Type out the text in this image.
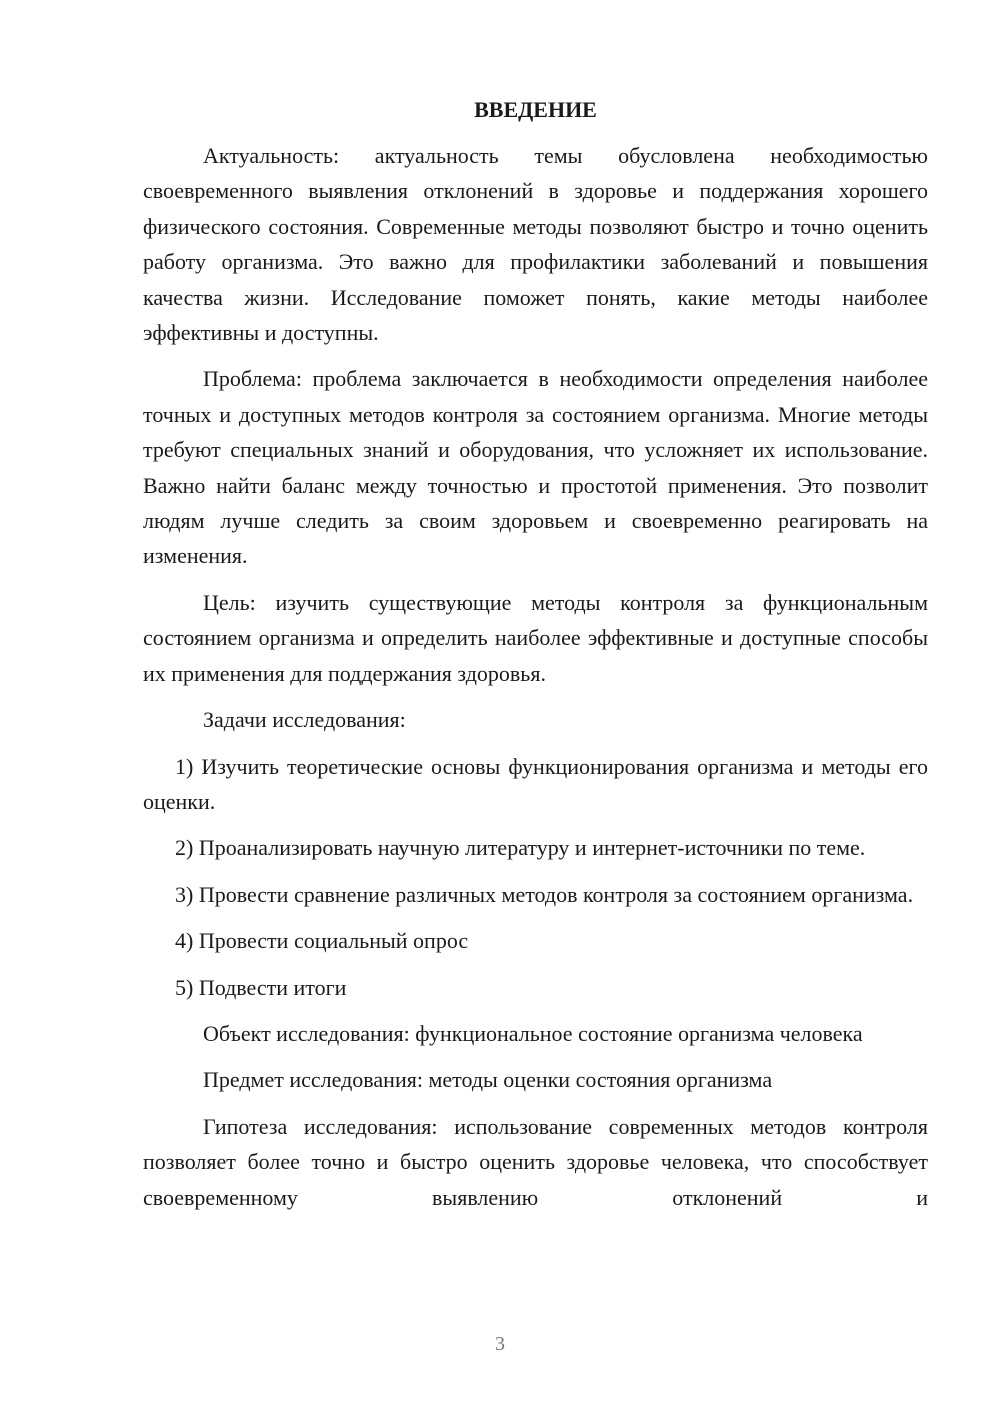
ВВЕДЕНИЕ

Актуальность: актуальность темы обусловлена необходимостью своевременного выявления отклонений в здоровье и поддержания хорошего физического состояния. Современные методы позволяют быстро и точно оценить работу организма. Это важно для профилактики заболеваний и повышения качества жизни. Исследование поможет понять, какие методы наиболее эффективны и доступны.

Проблема: проблема заключается в необходимости определения наиболее точных и доступных методов контроля за состоянием организма. Многие методы требуют специальных знаний и оборудования, что усложняет их использование. Важно найти баланс между точностью и простотой применения. Это позволит людям лучше следить за своим здоровьем и своевременно реагировать на изменения.

Цель: изучить существующие методы контроля за функциональным состоянием организма и определить наиболее эффективные и доступные способы их применения для поддержания здоровья.

Задачи исследования:

1) Изучить теоретические основы функционирования организма и методы его оценки.

2) Проанализировать научную литературу и интернет-источники по теме.

3) Провести сравнение различных методов контроля за состоянием организма.

4) Провести социальный опрос

5) Подвести итоги

Объект исследования: функциональное состояние организма человека

Предмет исследования: методы оценки состояния организма

Гипотеза исследования: использование современных методов контроля позволяет более точно и быстро оценить здоровье человека, что способствует своевременному выявлению отклонений и

3
